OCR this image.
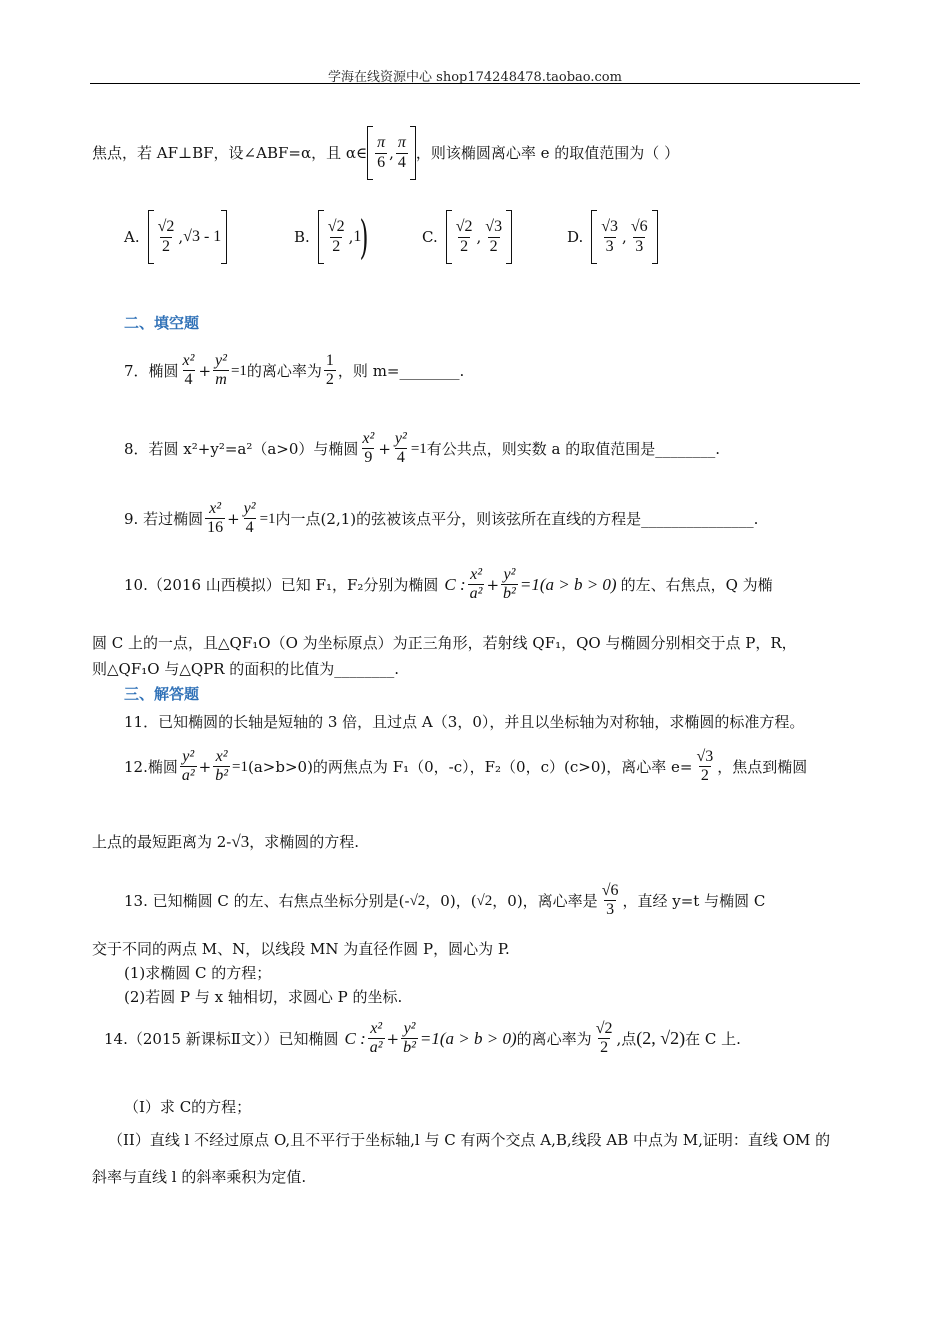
学海在线资源中心 shop174248478.taobao.com
焦点，若 AF⊥BF，设∠ABF=α，且 α∈ $\frac{\pi}{6}$ , $\frac{\pi}{4}$ ，则该椭圆离心率 e 的取值范围为（ ）
A. $\frac{√2}{2}$ , √3 - 1	B. $\frac{√2}{2}$ , 1
)	C. $\frac{√2}{2}$ , $\frac{√3}{2}$	D. $\frac{√3}{3}$ , $\frac{√6}{3}$
二、填空题
7．椭圆 $\frac{\text{x²}}{4} + \frac{\text{y²}}{m} =1$ 的离心率为 $\frac{1}{2}$ ，则 m=________.
8．若圆 x²+y²=a²（a>0）与椭圆 $\frac{\text{x²}}{9} + \frac{\text{y²}}{4} =1$ 有公共点，则实数 a 的取值范围是________.
9. 若过椭圆 $\frac{\text{x²}}{16} + \frac{\text{y²}}{4} =1$ 内一点(2,1)的弦被该点平分，则该弦所在直线的方程是_______________.
10.（2016 山西模拟）已知 F₁，F₂分别为椭圆 C : $\frac{\text{x²}}{\text{a²}} + \frac{\text{y²}}{\text{b²}} =1(a > b > 0)$ 的左、右焦点，Q 为椭
圆 C 上的一点，且△QF₁O（O 为坐标原点）为正三角形，若射线 QF₁，QO 与椭圆分别相交于点 P，R，
则△QF₁O 与△QPR 的面积的比值为________.
三、解答题
11．已知椭圆的长轴是短轴的 3 倍，且过点 A（3，0），并且以坐标轴为对称轴，求椭圆的标准方程。
12.椭圆 $\frac{\text{y²}}{\text{a²}} + \frac{\text{x²}}{\text{b²}} =1$ (a>b>0)的两焦点为 F₁（0，-c），F₂（0，c）(c>0)，离心率 $e= \frac{√3}{2}$ ，焦点到椭圆
上点的最短距离为 2-√3，求椭圆的方程.
13. 已知椭圆 C 的左、右焦点坐标分别是(- √2 ，0)，( √2 ，0)，离心率是 $\frac{√6}{3}$ ，直经 y=t 与椭圆 C
交于不同的两点 M、N，以线段 MN 为直径作圆 P，圆心为 P.
(1)求椭圆 C 的方程；
(2)若圆 P 与 x 轴相切，求圆心 P 的坐标.
14.（2015 新课标Ⅱ文））已知椭圆 C : $\frac{\text{x²}}{\text{a²}} + \frac{\text{y²}}{\text{b²}} =1(a > b > 0)$ 的离心率为 $\frac{√2}{2}$ ,点 (2, √2) 在 C 上.
（I）求 C的方程；
（II）直线 l 不经过原点 O,且不平行于坐标轴,l 与 C 有两个交点 A,B,线段 AB 中点为 M,证明：直线 OM 的
斜率与直线 l 的斜率乘积为定值.
